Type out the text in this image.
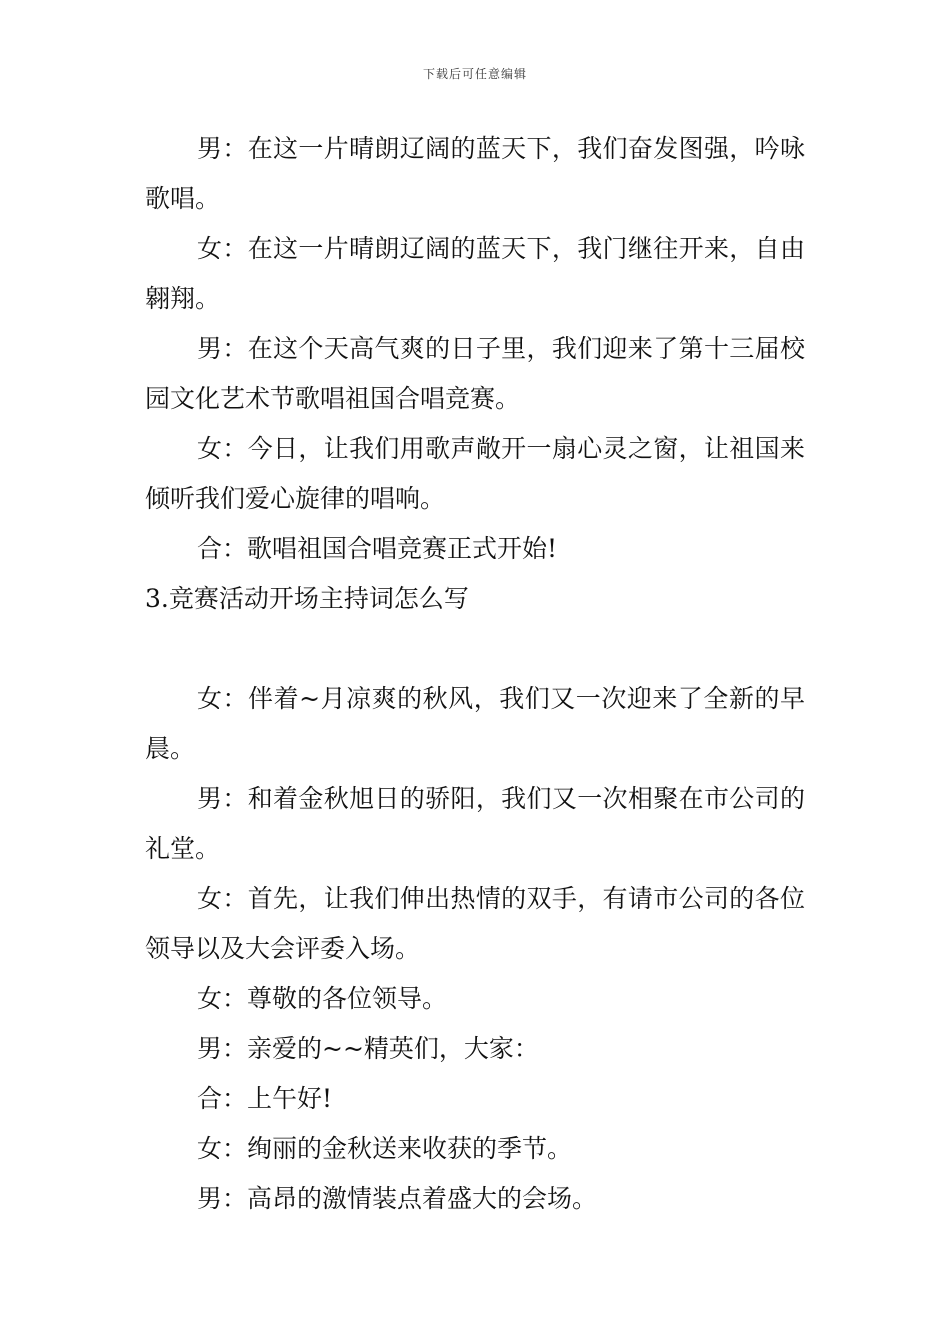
下载后可任意编辑

男：在这一片晴朗辽阔的蓝天下，我们奋发图强，吟咏歌唱。

女：在这一片晴朗辽阔的蓝天下，我门继往开来，自由翱翔。

男：在这个天高气爽的日子里，我们迎来了第十三届校园文化艺术节歌唱祖国合唱竞赛。

女：今日，让我们用歌声敞开一扇心灵之窗，让祖国来倾听我们爱心旋律的唱响。

合：歌唱祖国合唱竞赛正式开始!

3.竞赛活动开场主持词怎么写

女：伴着~月凉爽的秋风，我们又一次迎来了全新的早晨。

男：和着金秋旭日的骄阳，我们又一次相聚在市公司的礼堂。

女：首先，让我们伸出热情的双手，有请市公司的各位领导以及大会评委入场。

女：尊敬的各位领导。

男：亲爱的~~精英们，大家：

合：上午好!

女：绚丽的金秋送来收获的季节。

男：高昂的激情装点着盛大的会场。
